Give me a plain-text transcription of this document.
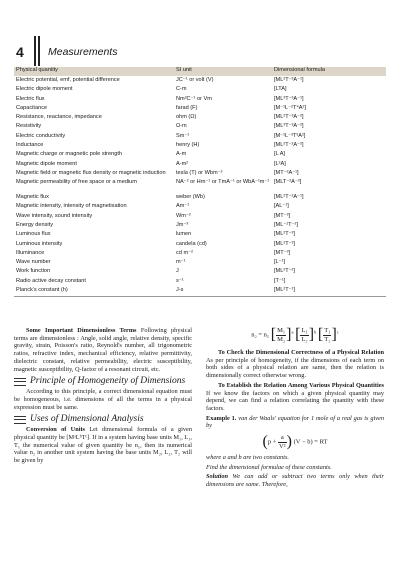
4 Measurements
Physical quantity	SI unit	Dimensional formula
Electric potential, emf, potential difference	JC⁻¹ or volt (V)	[ML²T⁻³A⁻¹]
Electric dipole moment	C-m	[LTA]
Electric flux	Nm²C⁻¹ or Vm	[ML³T⁻³A⁻¹]
Capacitance	farad (F)	[M⁻¹L⁻²T⁴A²]
Resistance, reactance, impedance	ohm (Ω)	[ML²T⁻³A⁻²]
Resistivity	Ω-m	[ML³T⁻³A⁻²]
Electric conductivity	Sm⁻¹	[M⁻¹L⁻³T³A²]
Inductance	henry (H)	[ML²T⁻²A⁻²]
Magnetic charge or magnetic pole strength	A-m	[L A]
Magnetic dipole moment	A-m²	[L²A]
Magnetic field or magnetic flux density or magnetic induction	tesla (T) or Wbm⁻²	[MT⁻²A⁻¹]
Magnetic permeability of free space or a medium	NA⁻² or Hm⁻¹ or TmA⁻¹ or WbA⁻¹m⁻¹ [MLT⁻²A⁻²]
Magnetic flux	weber (Wb)	[ML²T⁻²A⁻¹]
Magnetic intensity, intensity of magnetisation	Am⁻¹	[AL⁻¹]
Wave intensity, sound intensity	Wm⁻²	[MT⁻³]
Energy density	Jm⁻³	[ML⁻¹T⁻²]
Luminous flux	lumen	[ML²T⁻³]
Luminous intensity	candela (cd)	[ML²T⁻³]
Illuminance	cd m⁻²	[MT⁻³]
Wave number	m⁻¹	[L⁻¹]
Work function	J	[ML²T⁻²]
Radio active decay constant	s⁻¹	[T⁻¹]
Planck's constant (h)	J-s	[ML²T⁻¹]

Some Important Dimensionless Terms Following physical terms are dimensionless : Angle, solid angle, relative density, specific gravity, strain, Poisson's ratio, Reynold's number, all trigonometric ratios, refractive index, mechanical efficiency, relative permittivity, dielectric constant, relative permeability, electric susceptibility, magnetic susceptibility, Q-factor of a resonant circuit, etc.

Principle of Homogeneity of Dimensions

According to this principle, a correct dimensional equation must be homogeneous, i.e. dimensions of all the terms in a physical expression must be same.

Uses of Dimensional Analysis

Conversion of Units Let dimensional formula of a given physical quantity be [MᵃLᵇTᶜ]. If in a system having base units M₁, L₁, T₁ the numerical value of given quantity be n₁, then its numerical value n₂ in another unit system having the base units M₂, L₂, T₂ will be given by

n₂ = n₁ [ $\frac{\text{M₁}}{\text{M₂}} ]^a$ [ $\frac{\text{L₁}}{\text{L₂}} ]^b$ [ $\frac{\text{T₁}}{\text{T₂}} ]^c$

To Check the Dimensional Correctness of a Physical Relation As per principle of homogeneity, if the dimensions of each term on both sides of a physical relation are same, then the relation is dimensionally correct otherwise wrong.

To Establish the Relation Among Various Physical Quantities If we know the factors on which a given physical quantity may depend, we can find a relation correlating the quantity with these factors.

Example 1. van der Waals' equation for 1 mole of a real gas is given by

($p + \frac{a}{\text{V²}}$ ) (V − b) = RT

where a and b are two constants.

Find the dimensional formulae of these constants.

Solution We can add or subtract two terms only when their dimensions are same. Therefore,
